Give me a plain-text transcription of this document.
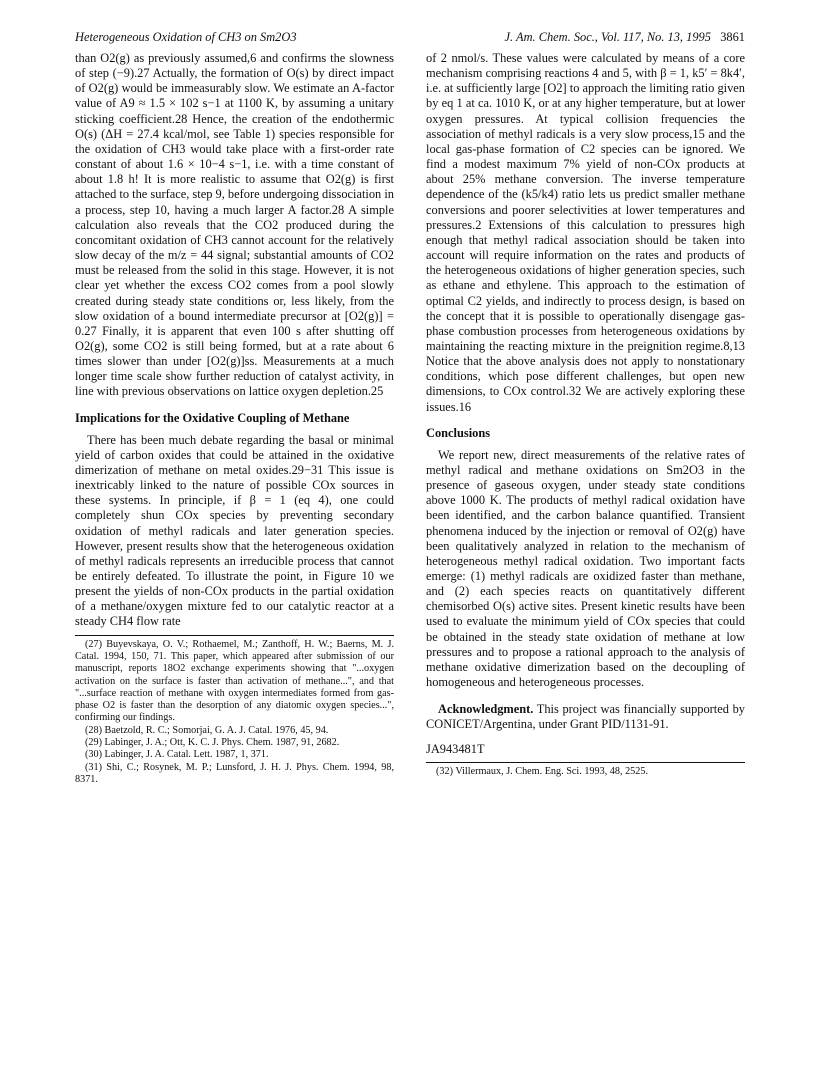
Heterogeneous Oxidation of CH3 on Sm2O3	J. Am. Chem. Soc., Vol. 117, No. 13, 1995 3861

than O2(g) as previously assumed,6 and confirms the slowness of step (−9).27 Actually, the formation of O(s) by direct impact of O2(g) would be immeasurably slow. We estimate an A-factor value of A9 ≈ 1.5 × 102 s−1 at 1100 K, by assuming a unitary sticking coefficient.28 Hence, the creation of the endothermic O(s) (ΔH = 27.4 kcal/mol, see Table 1) species responsible for the oxidation of CH3 would take place with a first-order rate constant of about 1.6 × 10−4 s−1, i.e. with a time constant of about 1.8 h! It is more realistic to assume that O2(g) is first attached to the surface, step 9, before undergoing dissociation in a process, step 10, having a much larger A factor.28 A simple calculation also reveals that the CO2 produced during the concomitant oxidation of CH3 cannot account for the relatively slow decay of the m/z = 44 signal; substantial amounts of CO2 must be released from the solid in this stage. However, it is not clear yet whether the excess CO2 comes from a pool slowly created during steady state conditions or, less likely, from the slow oxidation of a bound intermediate precursor at [O2(g)] = 0.27 Finally, it is apparent that even 100 s after shutting off O2(g), some CO2 is still being formed, but at a rate about 6 times slower than under [O2(g)]ss. Measurements at a much longer time scale show further reduction of catalyst activity, in line with previous observations on lattice oxygen depletion.25

Implications for the Oxidative Coupling of Methane

There has been much debate regarding the basal or minimal yield of carbon oxides that could be attained in the oxidative dimerization of methane on metal oxides.29−31 This issue is inextricably linked to the nature of possible COx sources in these systems. In principle, if β = 1 (eq 4), one could completely shun COx species by preventing secondary oxidation of methyl radicals and later generation species. However, present results show that the heterogeneous oxidation of methyl radicals represents an irreducible process that cannot be entirely defeated. To illustrate the point, in Figure 10 we present the yields of non-COx products in the partial oxidation of a methane/oxygen mixture fed to our catalytic reactor at a steady CH4 flow rate

(27) Buyevskaya, O. V.; Rothaemel, M.; Zanthoff, H. W.; Baerns, M. J. Catal. 1994, 150, 71. This paper, which appeared after submission of our manuscript, reports 18O2 exchange experiments showing that "...oxygen activation on the surface is faster than activation of methane...", and that "...surface reaction of methane with oxygen intermediates formed from gas-phase O2 is faster than the desorption of any diatomic oxygen species...", confirming our findings.
(28) Baetzold, R. C.; Somorjai, G. A. J. Catal. 1976, 45, 94.
(29) Labinger, J. A.; Ott, K. C. J. Phys. Chem. 1987, 91, 2682.
(30) Labinger, J. A. Catal. Lett. 1987, 1, 371.
(31) Shi, C.; Rosynek, M. P.; Lunsford, J. H. J. Phys. Chem. 1994, 98, 8371.

of 2 nmol/s. These values were calculated by means of a core mechanism comprising reactions 4 and 5, with β = 1, k5′ = 8k4′, i.e. at sufficiently large [O2] to approach the limiting ratio given by eq 1 at ca. 1010 K, or at any higher temperature, but at lower oxygen pressures. At typical collision frequencies the association of methyl radicals is a very slow process,15 and the local gas-phase formation of C2 species can be ignored. We find a modest maximum 7% yield of non-COx products at about 25% methane conversion. The inverse temperature dependence of the (k5/k4) ratio lets us predict smaller methane conversions and poorer selectivities at lower temperatures and pressures.2 Extensions of this calculation to pressures high enough that methyl radical association should be taken into account will require information on the rates and products of the heterogeneous oxidations of higher generation species, such as ethane and ethylene. This approach to the estimation of optimal C2 yields, and indirectly to process design, is based on the concept that it is possible to operationally disengage gas-phase combustion processes from heterogeneous oxidations by maintaining the reacting mixture in the preignition regime.8,13 Notice that the above analysis does not apply to nonstationary conditions, which pose different challenges, but open new dimensions, to COx control.32 We are actively exploring these issues.16

Conclusions

We report new, direct measurements of the relative rates of methyl radical and methane oxidations on Sm2O3 in the presence of gaseous oxygen, under steady state conditions above 1000 K. The products of methyl radical oxidation have been identified, and the carbon balance quantified. Transient phenomena induced by the injection or removal of O2(g) have been qualitatively analyzed in relation to the mechanism of heterogeneous methyl radical oxidation. Two important facts emerge: (1) methyl radicals are oxidized faster than methane, and (2) each species reacts on quantitatively different chemisorbed O(s) active sites. Present kinetic results have been used to evaluate the minimum yield of COx species that could be obtained in the steady state oxidation of methane at low pressures and to propose a rational approach to the analysis of methane oxidative dimerization based on the decoupling of homogeneous and heterogeneous processes.

Acknowledgment. This project was financially supported by CONICET/Argentina, under Grant PID/1131-91.

JA943481T
(32) Villermaux, J. Chem. Eng. Sci. 1993, 48, 2525.
